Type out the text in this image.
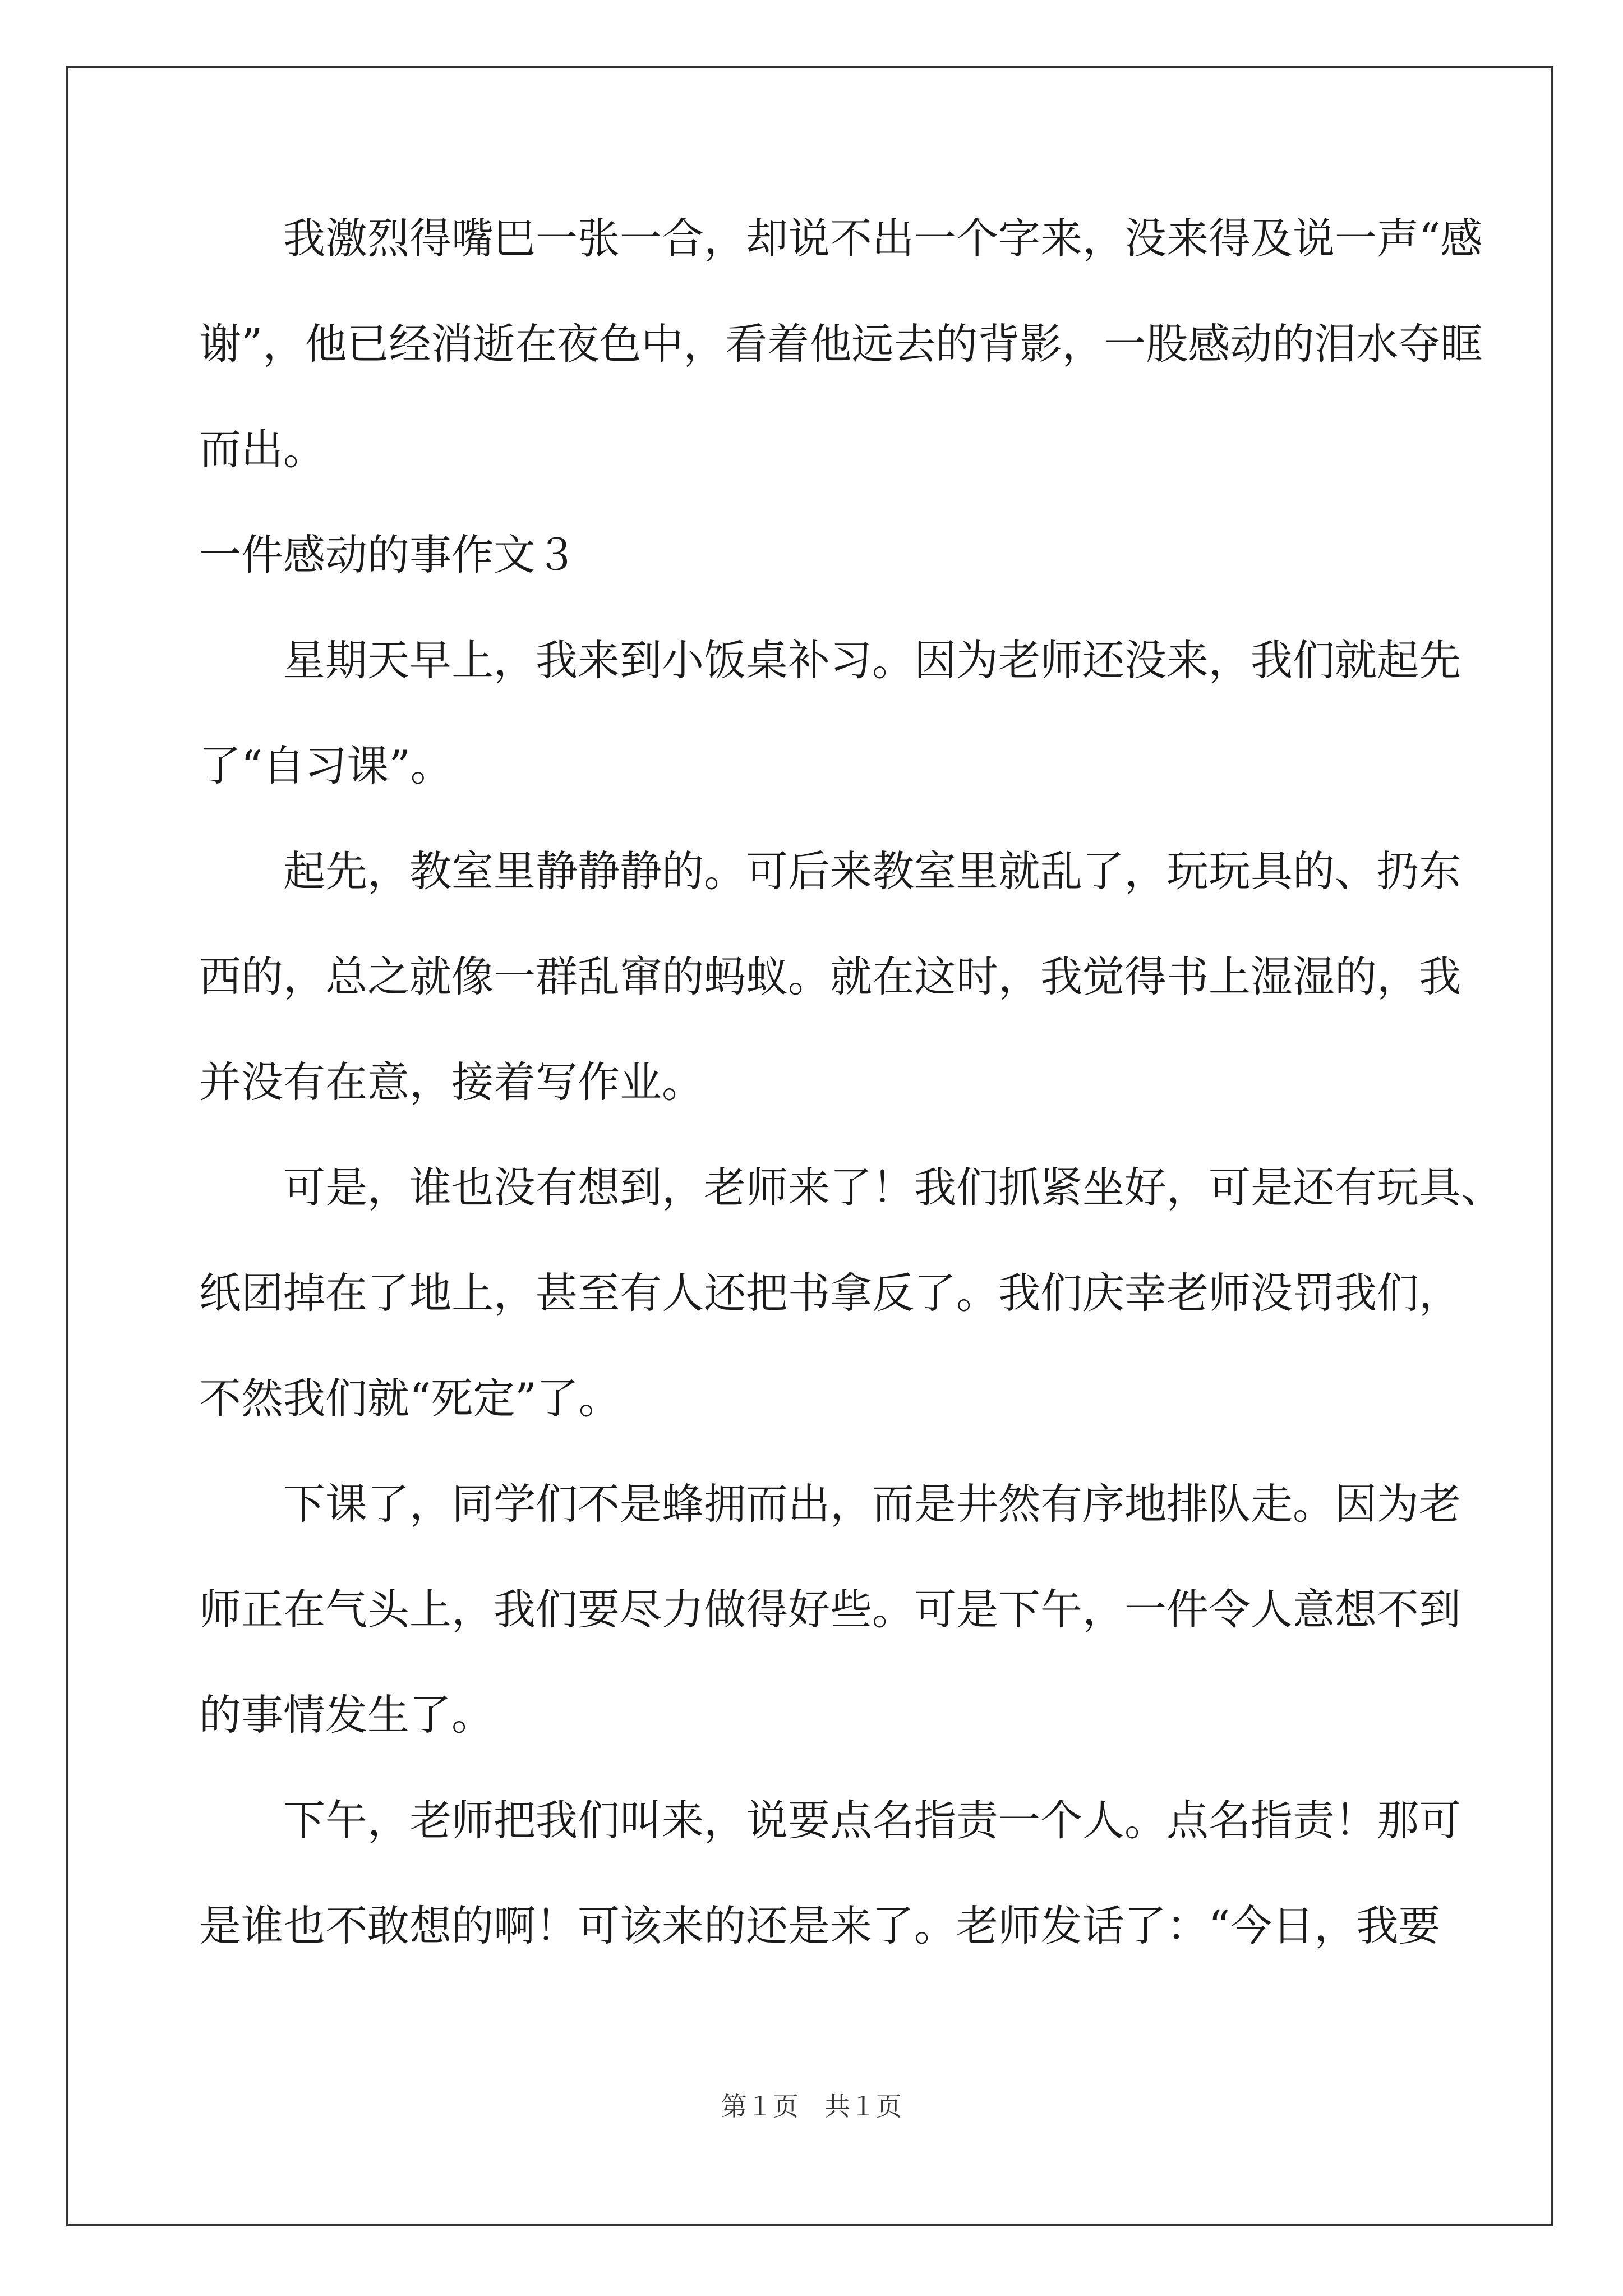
我激烈得嘴巴一张一合，却说不出一个字来，没来得及说一声“感
谢”，他已经消逝在夜色中，看着他远去的背影，一股感动的泪水夺眶
而出。
一件感动的事作文３
星期天早上，我来到小饭桌补习。因为老师还没来，我们就起先
了“自习课”。
起先，教室里静静静的。可后来教室里就乱了，玩玩具的、扔东
西的，总之就像一群乱窜的蚂蚁。就在这时，我觉得书上湿湿的，我
并没有在意，接着写作业。
可是，谁也没有想到，老师来了！我们抓紧坐好，可是还有玩具、
纸团掉在了地上，甚至有人还把书拿反了。我们庆幸老师没罚我们，
不然我们就“死定”了。
下课了，同学们不是蜂拥而出，而是井然有序地排队走。因为老
师正在气头上，我们要尽力做得好些。可是下午，一件令人意想不到
的事情发生了。
下午，老师把我们叫来，说要点名指责一个人。点名指责！那可
是谁也不敢想的啊！可该来的还是来了。老师发话了：“今日，我要
第１页　共１页
